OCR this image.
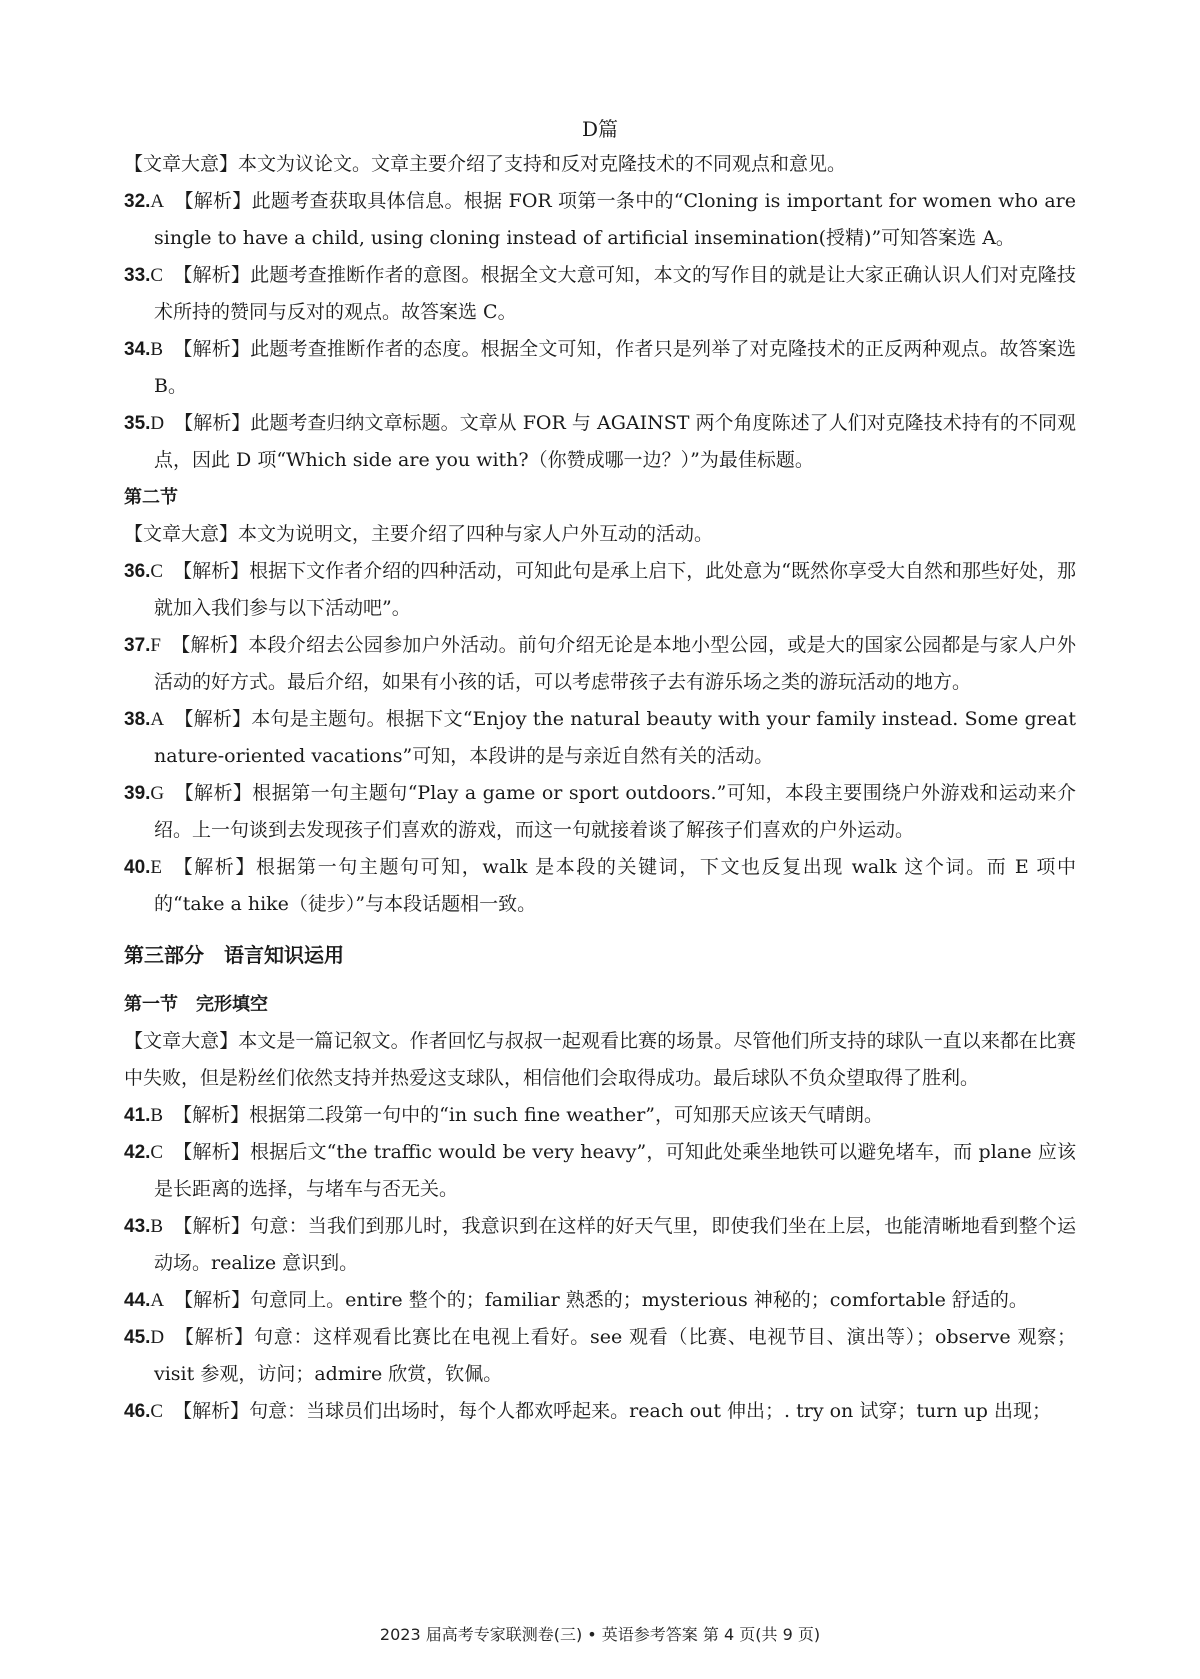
D篇
【文章大意】本文为议论文。文章主要介绍了支持和反对克隆技术的不同观点和意见。

32.A 【解析】此题考查获取具体信息。根据 FOR 项第一条中的“Cloning is important for women who are single to have a child, using cloning instead of artificial insemination(授精)”可知答案选 A。

33.C 【解析】此题考查推断作者的意图。根据全文大意可知，本文的写作目的就是让大家正确认识人们对克隆技术所持的赞同与反对的观点。故答案选 C。

34.B 【解析】此题考查推断作者的态度。根据全文可知，作者只是列举了对克隆技术的正反两种观点。故答案选 B。

35.D 【解析】此题考查归纳文章标题。文章从 FOR 与 AGAINST 两个角度陈述了人们对克隆技术持有的不同观点，因此 D 项“Which side are you with?（你赞成哪一边？）”为最佳标题。

第二节
【文章大意】本文为说明文，主要介绍了四种与家人户外互动的活动。

36.C 【解析】根据下文作者介绍的四种活动，可知此句是承上启下，此处意为“既然你享受大自然和那些好处，那就加入我们参与以下活动吧”。

37.F 【解析】本段介绍去公园参加户外活动。前句介绍无论是本地小型公园，或是大的国家公园都是与家人户外活动的好方式。最后介绍，如果有小孩的话，可以考虑带孩子去有游乐场之类的游玩活动的地方。

38.A 【解析】本句是主题句。根据下文“Enjoy the natural beauty with your family instead. Some great nature-oriented vacations”可知，本段讲的是与亲近自然有关的活动。

39.G 【解析】根据第一句主题句“Play a game or sport outdoors.”可知，本段主要围绕户外游戏和运动来介绍。上一句谈到去发现孩子们喜欢的游戏，而这一句就接着谈了解孩子们喜欢的户外运动。

40.E 【解析】根据第一句主题句可知，walk 是本段的关键词，下文也反复出现 walk 这个词。而 E 项中的“take a hike（徒步）”与本段话题相一致。

第三部分　语言知识运用
第一节　完形填空
【文章大意】本文是一篇记叙文。作者回忆与叔叔一起观看比赛的场景。尽管他们所支持的球队一直以来都在比赛中失败，但是粉丝们依然支持并热爱这支球队，相信他们会取得成功。最后球队不负众望取得了胜利。

41.B 【解析】根据第二段第一句中的“in such fine weather”，可知那天应该天气晴朗。

42.C 【解析】根据后文“the traffic would be very heavy”，可知此处乘坐地铁可以避免堵车，而 plane 应该是长距离的选择，与堵车与否无关。

43.B 【解析】句意：当我们到那儿时，我意识到在这样的好天气里，即使我们坐在上层，也能清晰地看到整个运动场。realize 意识到。

44.A 【解析】句意同上。entire 整个的；familiar 熟悉的；mysterious 神秘的；comfortable 舒适的。

45.D 【解析】句意：这样观看比赛比在电视上看好。see 观看（比赛、电视节目、演出等）；observe 观察；visit 参观，访问；admire 欣赏，钦佩。

46.C 【解析】句意：当球员们出场时，每个人都欢呼起来。reach out 伸出；. try on 试穿；turn up 出现；

2023 届高考专家联测卷(三) • 英语参考答案 第 4 页(共 9 页)
